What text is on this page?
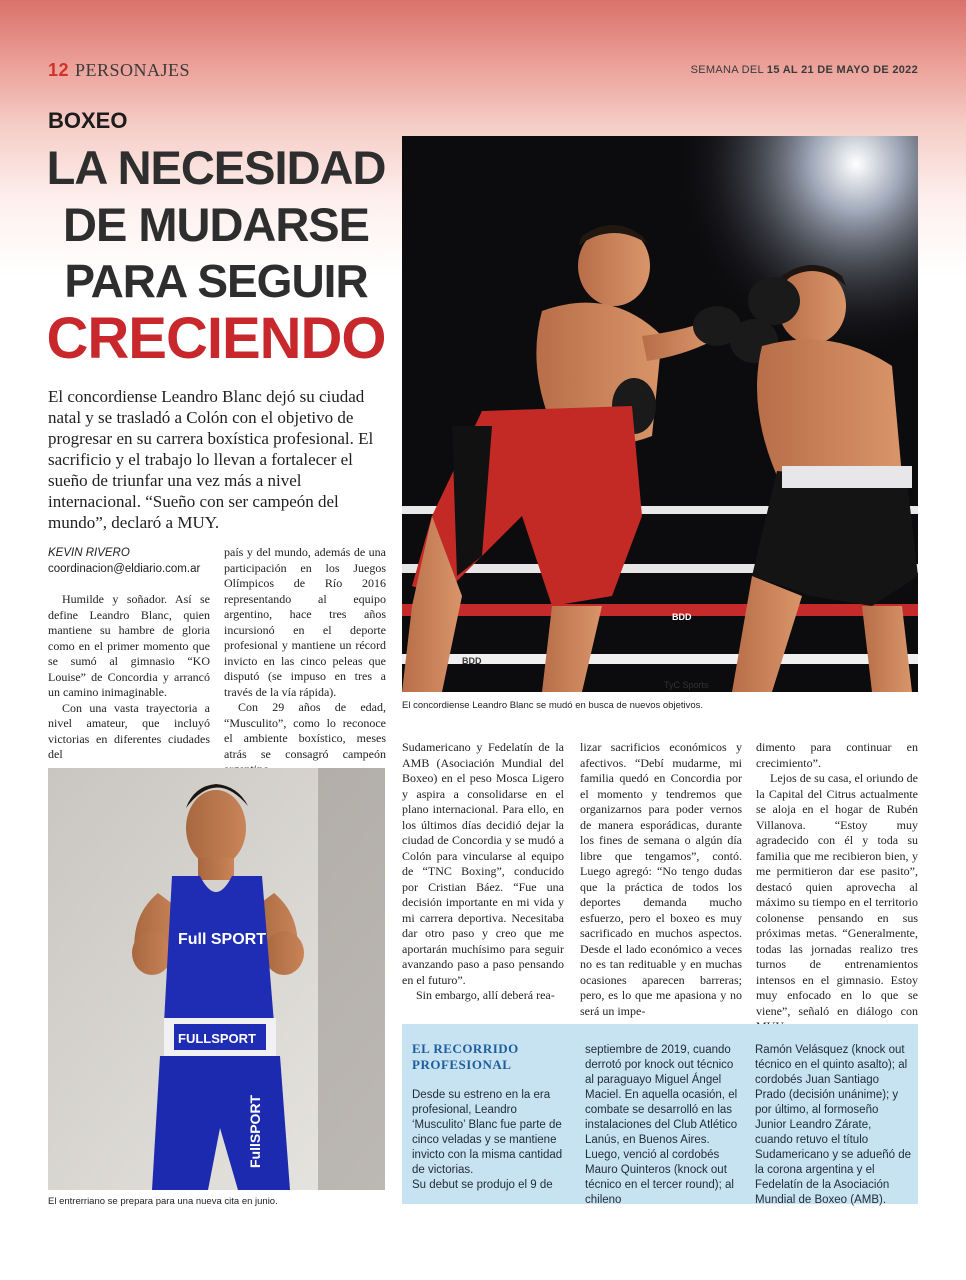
12 PERSONAJES	SEMANA DEL 15 AL 21 DE MAYO DE 2022
BOXEO
LA NECESIDAD
DE MUDARSE
PARA SEGUIR
CRECIENDO
El concordiense Leandro Blanc dejó su ciudad natal y se trasladó a Colón con el objetivo de progresar en su carrera boxística profesional. El sacrificio y el trabajo lo llevan a fortalecer el sueño de triunfar una vez más a nivel internacional. “Sueño con ser campeón del mundo”, declaró a MUY.
KEVIN RIVERO
coordinacion@eldiario.com.ar

Humilde y soñador. Así se define Leandro Blanc, quien mantiene su hambre de gloria como en el primer momento que se sumó al gimnasio “KO Louise” de Concordia y arrancó un camino inimaginable.

Con una vasta trayectoria a nivel amateur, que incluyó victorias en diferentes ciudades del

país y del mundo, además de una participación en los Juegos Olímpicos de Río 2016 representando al equipo argentino, hace tres años incursionó en el deporte profesional y mantiene un récord invicto en las cinco peleas que disputó (se impuso en tres a través de la vía rápida).

Con 29 años de edad, “Musculito”, como lo reconoce el ambiente boxístico, meses atrás se consagró campeón

BDD
BDD
TyC Sports
El concordiense Leandro Blanc se mudó en busca de nuevos objetivos.
Full SPORT
FULLSPORT
FullSPORT
El entrerriano se prepara para una nueva cita en junio.

Sudamericano y Fedelatín de la AMB (Asociación Mundial del Boxeo) en el peso Mosca Ligero y aspira a consolidarse en el plano internacional. Para ello, en los últimos días decidió dejar la ciudad de Concordia y se mudó a Colón para vincularse al equipo de “TNC Boxing”, conducido por Cristian Báez. “Fue una decisión importante en mi vida y mi carrera deportiva. Necesitaba dar otro paso y creo que me aportarán muchísimo para seguir avanzando paso a paso pensando en el futuro”.

Sin embargo, allí deberá rea-

lizar sacrificios económicos y afectivos. “Debí mudarme, mi familia quedó en Concordia por el momento y tendremos que organizarnos para poder vernos de manera esporádicas, durante los fines de semana o algún día libre que tengamos”, contó. Luego agregó: “No tengo dudas que la práctica de todos los deportes demanda mucho esfuerzo, pero el boxeo es muy sacrificado en muchos aspectos. Desde el lado económico a veces no es tan redituable y en muchas ocasiones aparecen barreras; pero, es lo que me apasiona y no será un impe-

dimento para continuar en crecimiento”.

Lejos de su casa, el oriundo de la Capital del Citrus actualmente se aloja en el hogar de Rubén Villanova. “Estoy muy agradecido con él y toda su familia que me recibieron bien, y me permitieron dar ese pasito”, destacó quien aprovecha al máximo su tiempo en el territorio colonense pensando en sus próximas metas. “Generalmente, todas las jornadas realizo tres turnos de entrenamientos intensos en el gimnasio. Estoy muy enfocado en lo que se viene”, señaló en diálogo con

EL RECORRIDO PROFESIONAL

Desde su estreno en la era profesional, Leandro ‘Musculito’ Blanc fue parte de cinco veladas y se mantiene invicto con la misma cantidad de victorias.

Su debut se produjo el 9 de

septiembre de 2019, cuando derrotó por knock out técnico al paraguayo Miguel Ángel Maciel. En aquella ocasión, el combate se desarrolló en las instalaciones del Club Atlético Lanús, en Buenos Aires.

Luego, venció al cordobés Mauro Quinteros (knock out técnico en el tercer round); al chileno

Ramón Velásquez (knock out técnico en el quinto asalto); al cordobés Juan Santiago Prado (decisión unánime); y por último, al formoseño Junior Leandro Zárate, cuando retuvo el título Sudamericano y se adueñó de la corona argentina y el Fedelatín de la Asociación Mundial de Boxeo (AMB).
